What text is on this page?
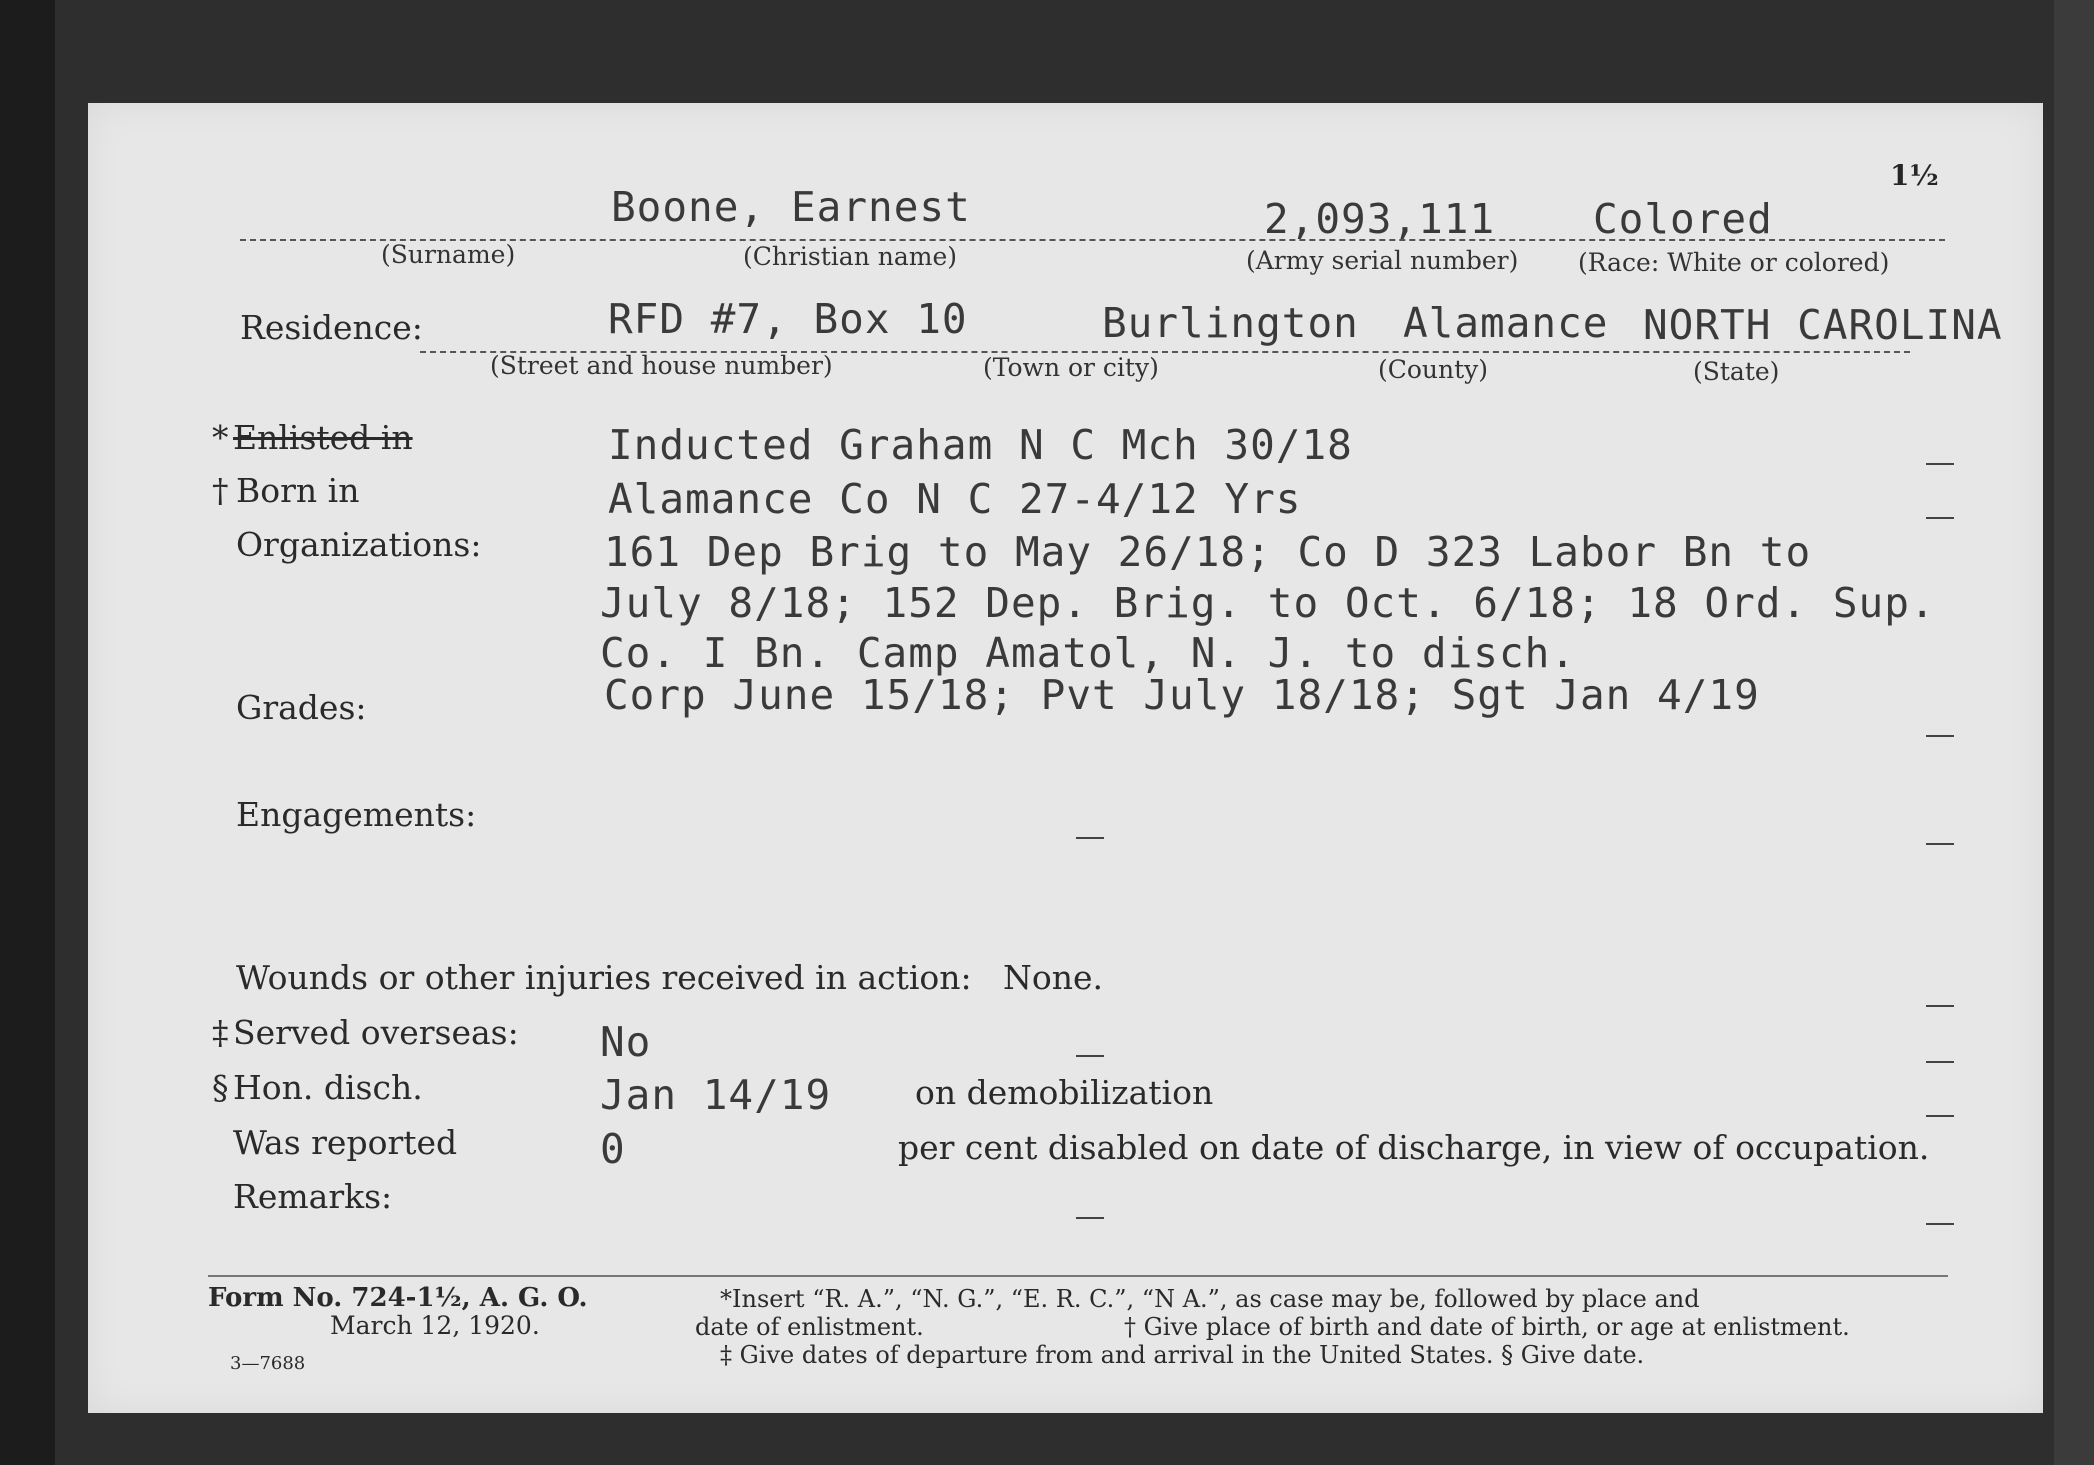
1½
Boone, Earnest	2,093,111 Colored
(Surname)	(Christian name)	(Army serial number) (Race: White or colored)
Residence:	RFD #7, Box 10	Burlington Alamance NORTH CAROLINA
(Street and house number)	(Town or city)	(County)	(State)
* Enlisted in	Inducted Graham N C Mch 30/18
† Born in	Alamance Co N C 27-4/12 Yrs
Organizations:	161 Dep Brig to May 26/18; Co D 323 Labor Bn to
July 8/18; 152 Dep. Brig. to Oct. 6/18; 18 Ord. Sup.
Co. I Bn. Camp Amatol, N. J. to disch.
Grades:	Corp June 15/18; Pvt July 18/18; Sgt Jan 4/19
Engagements:
Wounds or other injuries received in action: None.
‡ Served overseas: No
§ Hon. disch.	Jan 14/19	on demobilization
Was reported	0	per cent disabled on date of discharge, in view of occupation.
Remarks:
Form No. 724-1½, A. G. O.
March 12, 1920.
3—7688
*Insert “R. A.”, “N. G.”, “E. R. C.”, “N A.”, as case may be, followed by place and
date of enlistment.	† Give place of birth and date of birth, or age at enlistment.
‡ Give dates of departure from and arrival in the United States. § Give date.
